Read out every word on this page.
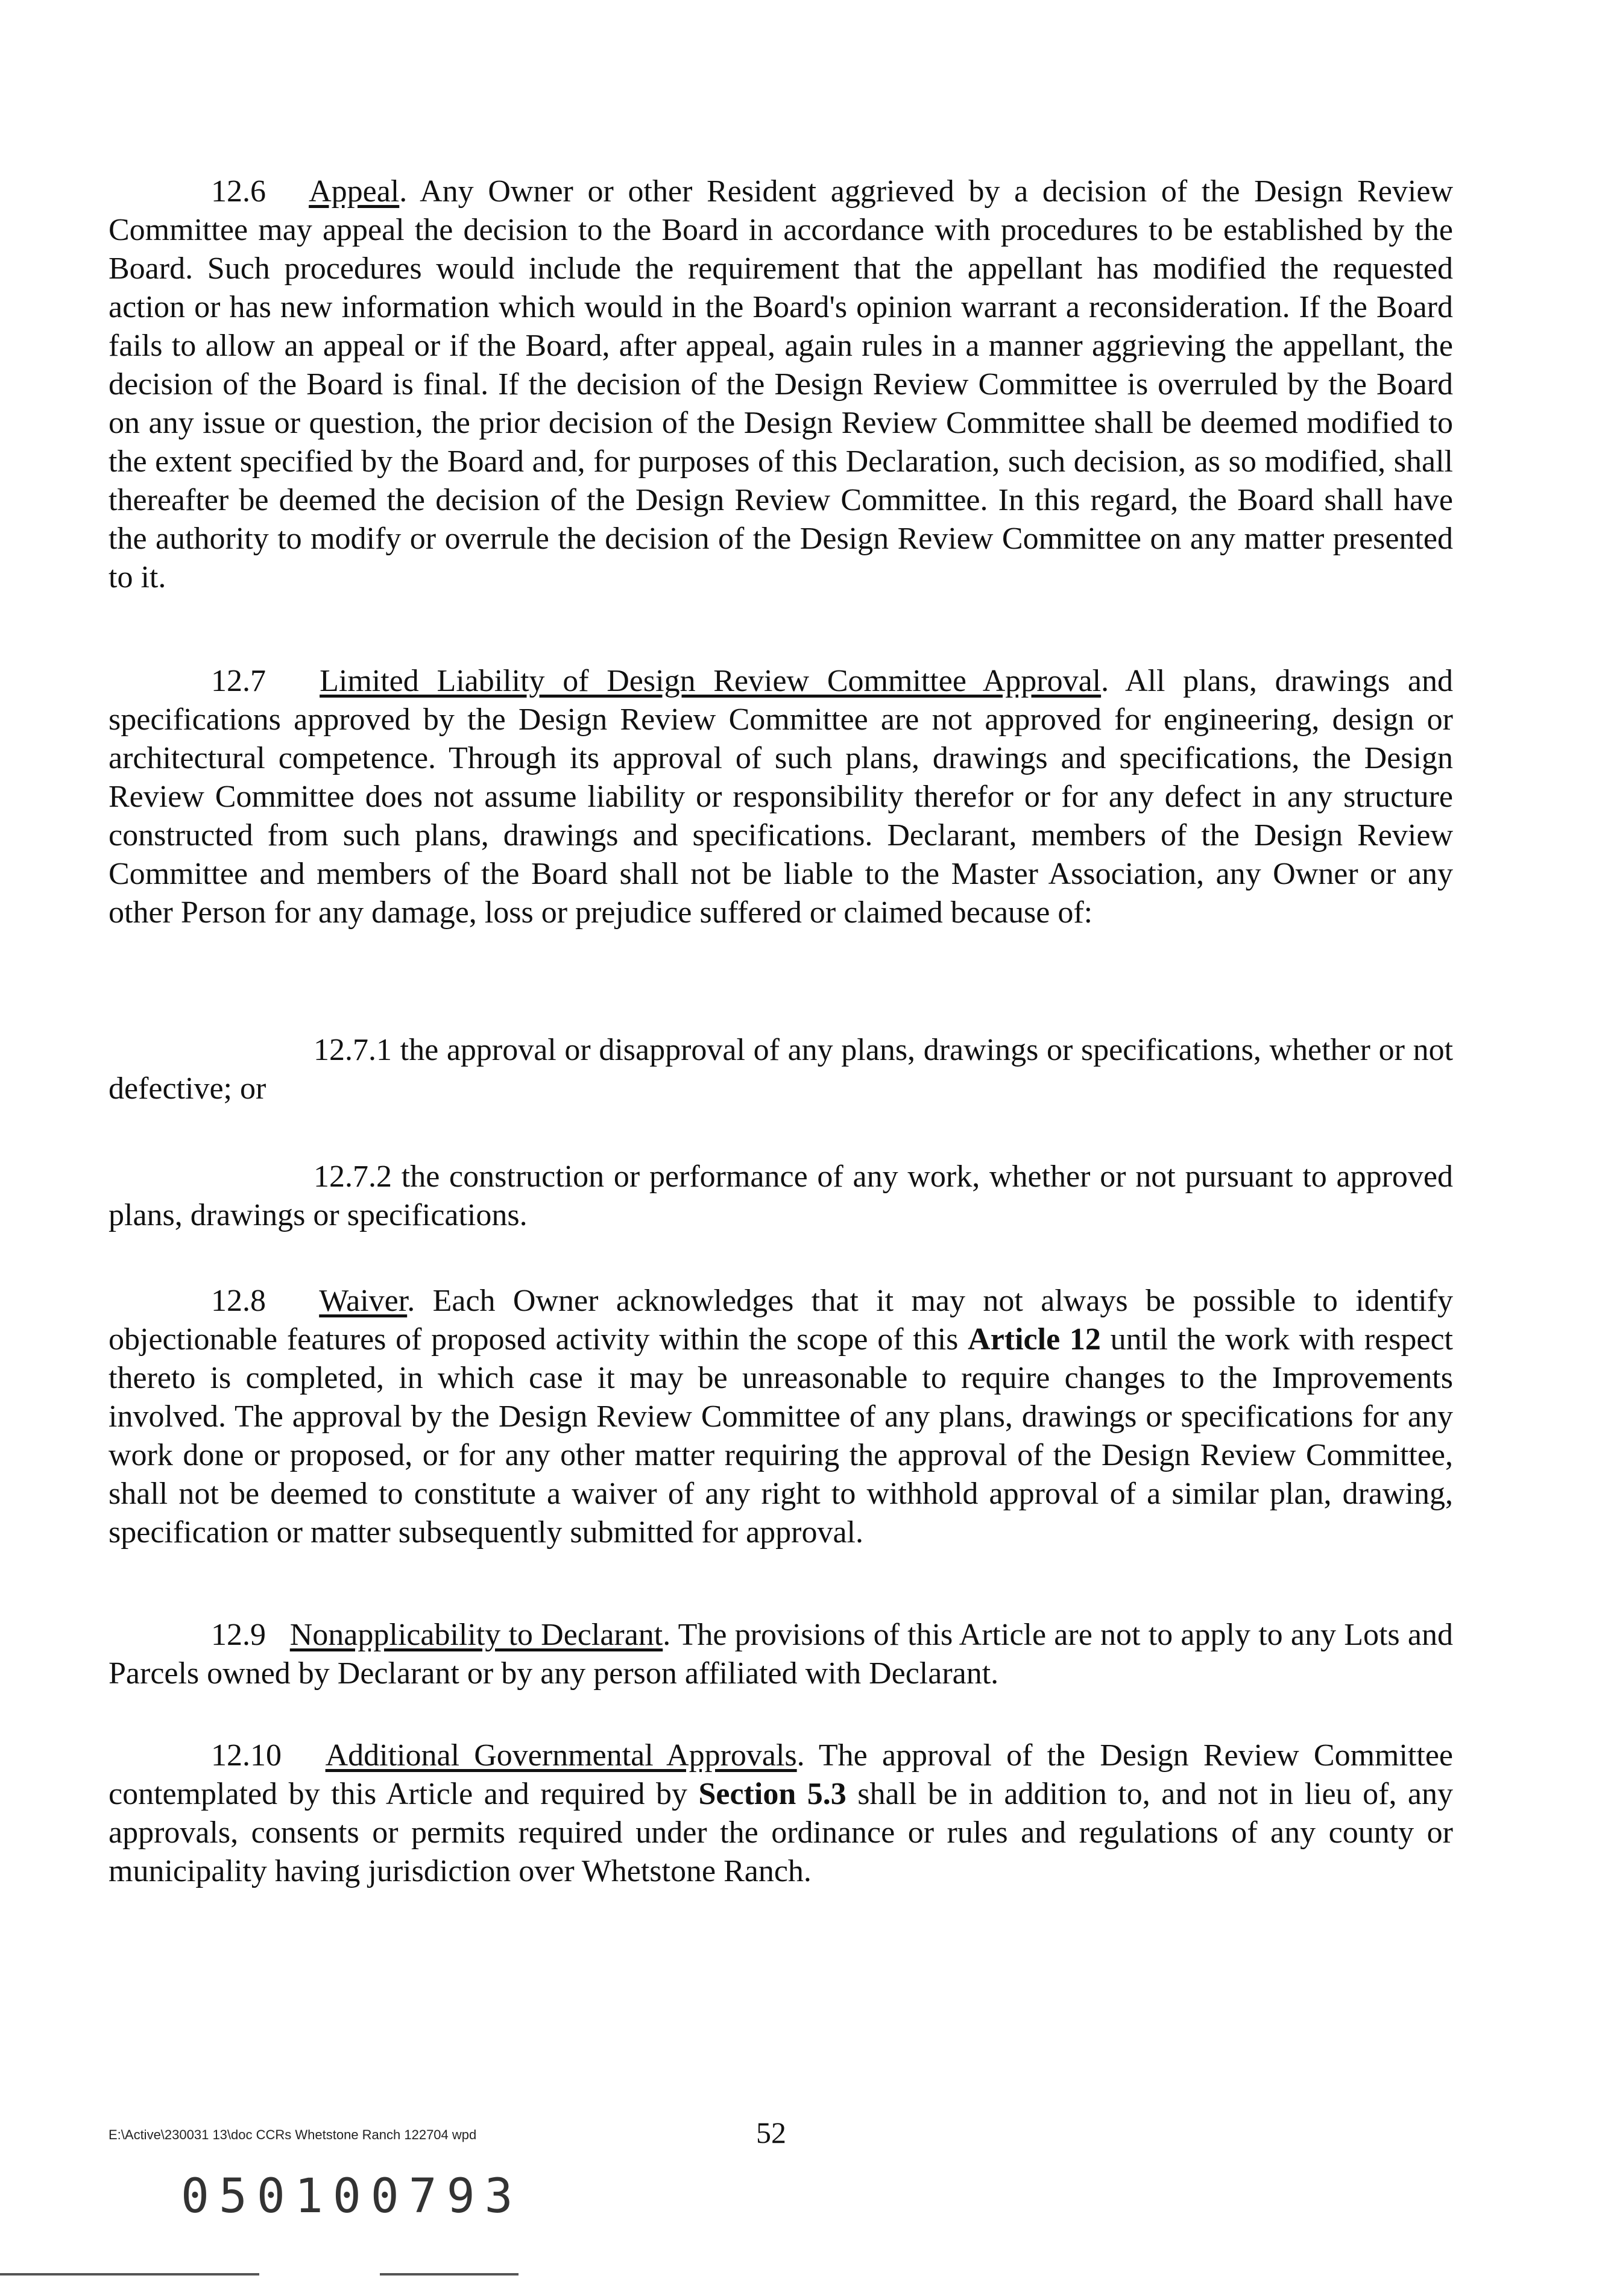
12.6 Appeal. Any Owner or other Resident aggrieved by a decision of the Design Review Committee may appeal the decision to the Board in accordance with procedures to be established by the Board. Such procedures would include the requirement that the appellant has modified the requested action or has new information which would in the Board's opinion warrant a reconsideration. If the Board fails to allow an appeal or if the Board, after appeal, again rules in a manner aggrieving the appellant, the decision of the Board is final. If the decision of the Design Review Committee is overruled by the Board on any issue or question, the prior decision of the Design Review Committee shall be deemed modified to the extent specified by the Board and, for purposes of this Declaration, such decision, as so modified, shall thereafter be deemed the decision of the Design Review Committee. In this regard, the Board shall have the authority to modify or overrule the decision of the Design Review Committee on any matter presented to it.

12.7 Limited Liability of Design Review Committee Approval. All plans, drawings and specifications approved by the Design Review Committee are not approved for engineering, design or architectural competence. Through its approval of such plans, drawings and specifications, the Design Review Committee does not assume liability or responsibility therefor or for any defect in any structure constructed from such plans, drawings and specifications. Declarant, members of the Design Review Committee and members of the Board shall not be liable to the Master Association, any Owner or any other Person for any damage, loss or prejudice suffered or claimed because of:

12.7.1 the approval or disapproval of any plans, drawings or specifications, whether or not defective; or

12.7.2 the construction or performance of any work, whether or not pursuant to approved plans, drawings or specifications.

12.8 Waiver. Each Owner acknowledges that it may not always be possible to identify objectionable features of proposed activity within the scope of this Article 12 until the work with respect thereto is completed, in which case it may be unreasonable to require changes to the Improvements involved. The approval by the Design Review Committee of any plans, drawings or specifications for any work done or proposed, or for any other matter requiring the approval of the Design Review Committee, shall not be deemed to constitute a waiver of any right to withhold approval of a similar plan, drawing, specification or matter subsequently submitted for approval.

12.9 Nonapplicability to Declarant. The provisions of this Article are not to apply to any Lots and Parcels owned by Declarant or by any person affiliated with Declarant.

12.10 Additional Governmental Approvals. The approval of the Design Review Committee contemplated by this Article and required by Section 5.3 shall be in addition to, and not in lieu of, any approvals, consents or permits required under the ordinance or rules and regulations of any county or municipality having jurisdiction over Whetstone Ranch.

E:\Active\230031 13\doc CCRs Whetstone Ranch 122704 wpd	52
050100793
